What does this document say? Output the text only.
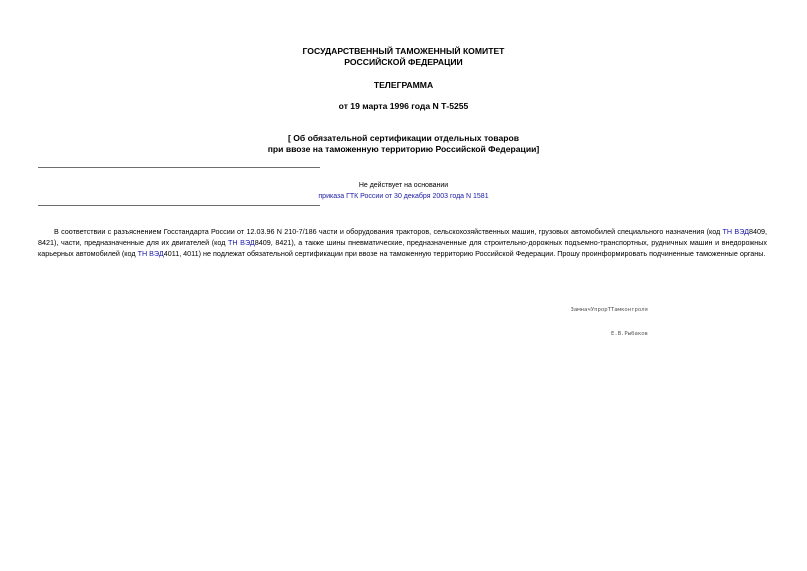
ГОСУДАРСТВЕННЫЙ ТАМОЖЕННЫЙ КОМИТЕТ
РОССИЙСКОЙ ФЕДЕРАЦИИ
ТЕЛЕГРАММА
от 19 марта 1996 года N Т-5255
[ Об обязательной сертификации отдельных товаров
при ввозе на таможенную территорию Российской Федерации]
Не действует на основании
приказа ГТК России от 30 декабря 2003 года N 1581
В соответствии с разъяснением Госстандарта России от 12.03.96 N 210-7/186 части и оборудования тракторов, сельскохозяйственных машин, грузовых автомобилей специального назначения (код ТН ВЭД8409, 8421), части, предназначенные для их двигателей (код ТН ВЭД8409, 8421), а также шины пневматические, предназначенные для строительно-дорожных подъемно-транспортных, рудничных машин и внедорожных карьерных автомобилей (код ТН ВЭД4011, 4011) не подлежат обязательной сертификации при ввозе на таможенную территорию Российской Федерации. Прошу проинформировать подчиненные таможенные органы.

ЗамначУпрорТТамконтроля

Е.В.Рыбаков
